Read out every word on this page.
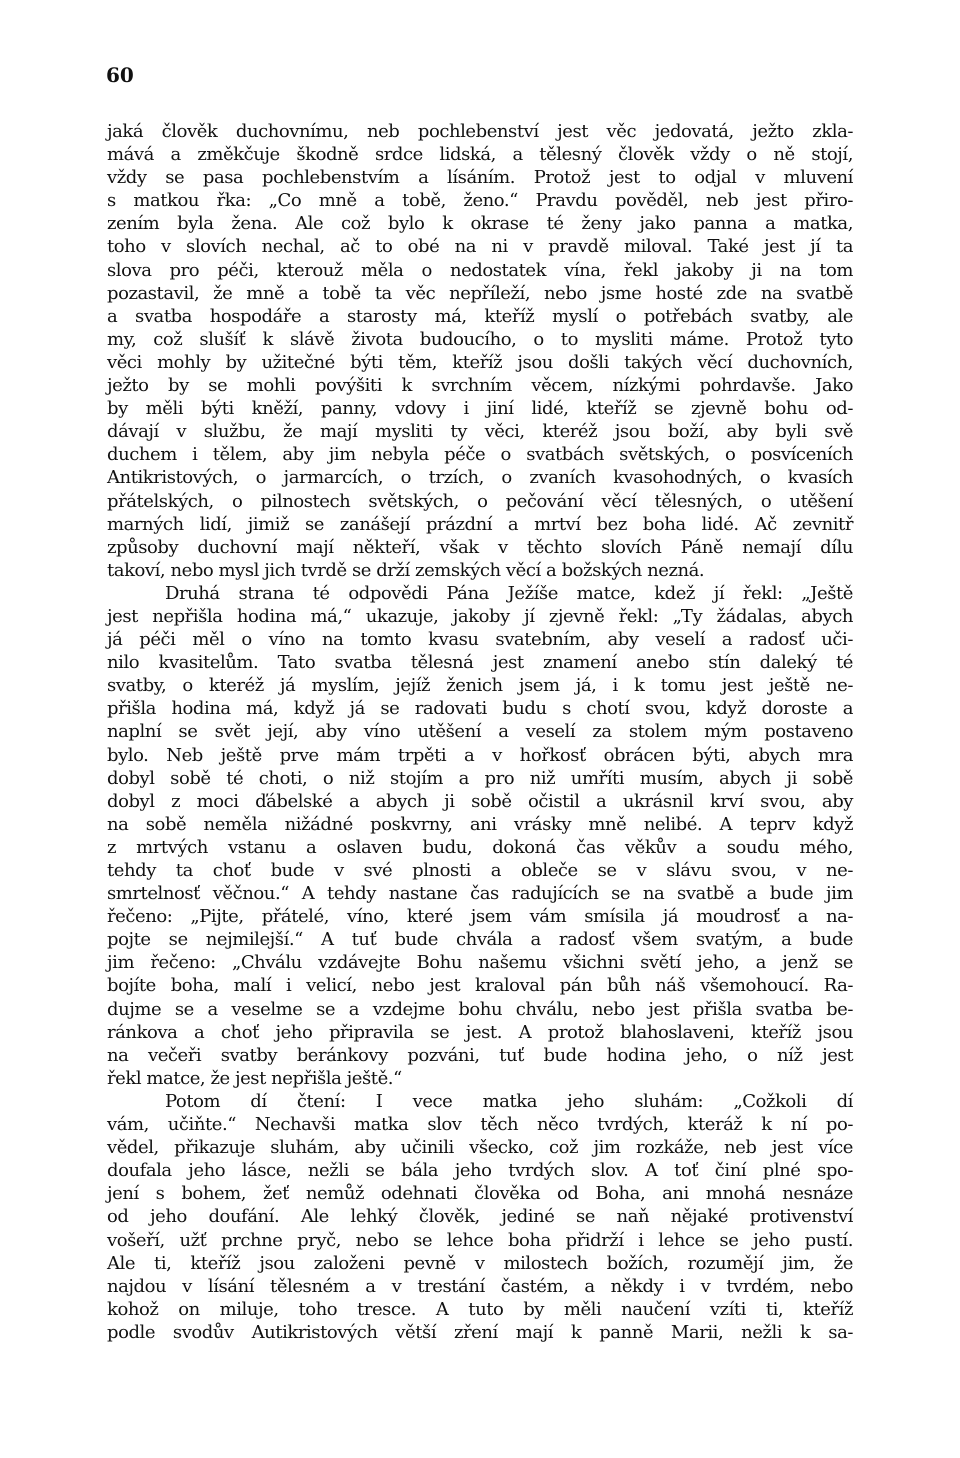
60
jaká člověk duchovnímu, neb pochlebenství jest věc jedovatá, ježto zkla-
mává a změkčuje škodně srdce lidská, a tělesný člověk vždy o ně stojí,
vždy se pasa pochlebenstvím a lísáním. Protož jest to odjal v mluvení
s matkou řka: „Co mně a tobě, ženo.“ Pravdu pověděl, neb jest přiro-
zením byla žena. Ale což bylo k okrase té ženy jako panna a matka,
toho v slovích nechal, ač to obé na ni v pravdě miloval. Také jest jí ta
slova pro péči, kterouž měla o nedostatek vína, řekl jakoby ji na tom
pozastavil, že mně a tobě ta věc nepříleží, nebo jsme hosté zde na svatbě
a svatba hospodáře a starosty má, kteříž myslí o potřebách svatby, ale
my, což slušíť k slávě života budoucího, o to mysliti máme. Protož tyto
věci mohly by užitečné býti těm, kteříž jsou došli takých věcí duchovních,
ježto by se mohli povýšiti k svrchním věcem, nízkými pohrdavše. Jako
by měli býti kněží, panny, vdovy i jiní lidé, kteříž se zjevně bohu od-
dávají v službu, že mají mysliti ty věci, kteréž jsou boží, aby byli svě
duchem i tělem, aby jim nebyla péče o svatbách světských, o posvíceních
Antikristových, o jarmarcích, o trzích, o zvaních kvasohodných, o kvasích
přátelských, o pilnostech světských, o pečování věcí tělesných, o utěšení
marných lidí, jimiž se zanášejí prázdní a mrtví bez boha lidé. Ač zevnitř
způsoby duchovní mají někteří, však v těchto slovích Páně nemají dílu
takoví, nebo mysl jich tvrdě se drží zemských věcí a božských nezná.
Druhá strana té odpovědi Pána Ježíše matce, kdež jí řekl: „Ještě
jest nepřišla hodina má,“ ukazuje, jakoby jí zjevně řekl: „Ty žádalas, abych
já péči měl o víno na tomto kvasu svatebním, aby veselí a radosť uči-
nilo kvasitelům. Tato svatba tělesná jest znamení anebo stín daleký té
svatby, o kteréž já myslím, jejíž ženich jsem já, i k tomu jest ještě ne-
přišla hodina má, když já se radovati budu s chotí svou, když doroste a
naplní se svět její, aby víno utěšení a veselí za stolem mým postaveno
bylo. Neb ještě prve mám trpěti a v hořkosť obrácen býti, abych mra
dobyl sobě té choti, o niž stojím a pro niž umříti musím, abych ji sobě
dobyl z moci ďábelské a abych ji sobě očistil a ukrásnil krví svou, aby
na sobě neměla nižádné poskvrny, ani vrásky mně nelibé. A teprv když
z mrtvých vstanu a oslaven budu, dokoná čas věkův a soudu mého,
tehdy ta choť bude v své plnosti a obleče se v slávu svou, v ne-
smrtelnosť věčnou.“ A tehdy nastane čas radujících se na svatbě a bude jim
řečeno: „Pijte, přátelé, víno, které jsem vám smísila já moudrosť a na-
pojte se nejmilejší.“ A tuť bude chvála a radosť všem svatým, a bude
jim řečeno: „Chválu vzdávejte Bohu našemu všichni světí jeho, a jenž se
bojíte boha, malí i velicí, nebo jest kraloval pán bůh náš všemohoucí. Ra-
dujme se a veselme se a vzdejme bohu chválu, nebo jest přišla svatba be-
ránkova a choť jeho připravila se jest. A protož blahoslaveni, kteříž jsou
na večeři svatby beránkovy pozváni, tuť bude hodina jeho, o níž jest
řekl matce, že jest nepřišla ještě.“
Potom dí čtení: I vece matka jeho sluhám: „Cožkoli dí
vám, učiňte.“ Nechavši matka slov těch něco tvrdých, kteráž k ní po-
vědel, přikazuje sluhám, aby učinili všecko, což jim rozkáže, neb jest více
doufala jeho lásce, nežli se bála jeho tvrdých slov. A toť činí plné spo-
jení s bohem, žeť nemůž odehnati člověka od Boha, ani mnohá nesnáze
od jeho doufání. Ale lehký člověk, jediné se naň nějaké protivenství
vošeří, užť prchne pryč, nebo se lehce boha přidrží i lehce se jeho pustí.
Ale ti, kteříž jsou založeni pevně v milostech božích, rozumějí jim, že
najdou v lísání tělesném a v trestání častém, a někdy i v tvrdém, nebo
kohož on miluje, toho tresce. A tuto by měli naučení vzíti ti, kteříž
podle svodův Autikristových větší zření mají k panně Marii, nežli k sa-
